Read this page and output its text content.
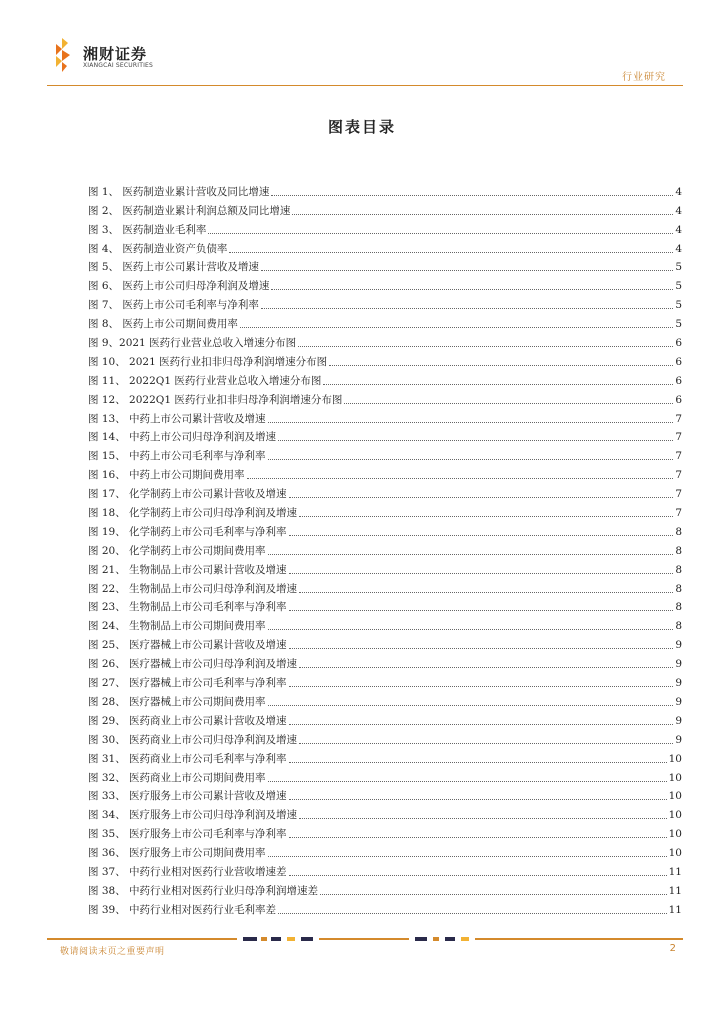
湘财证券
XIANGCAI SECURITIES
行业研究
图表目录
图 1、 医药制造业累计营收及同比增速	4
图 2、 医药制造业累计利润总额及同比增速	4
图 3、 医药制造业毛利率	4
图 4、 医药制造业资产负债率	4
图 5、 医药上市公司累计营收及增速	5
图 6、 医药上市公司归母净利润及增速	5
图 7、 医药上市公司毛利率与净利率	5
图 8、 医药上市公司期间费用率	5
图 9、2021 医药行业营业总收入增速分布图	6
图 10、 2021 医药行业扣非归母净利润增速分布图	6
图 11、 2022Q1 医药行业营业总收入增速分布图	6
图 12、 2022Q1 医药行业扣非归母净利润增速分布图	6
图 13、 中药上市公司累计营收及增速	7
图 14、 中药上市公司归母净利润及增速	7
图 15、 中药上市公司毛利率与净利率	7
图 16、 中药上市公司期间费用率	7
图 17、 化学制药上市公司累计营收及增速	7
图 18、 化学制药上市公司归母净利润及增速	7
图 19、 化学制药上市公司毛利率与净利率	8
图 20、 化学制药上市公司期间费用率	8
图 21、 生物制品上市公司累计营收及增速	8
图 22、 生物制品上市公司归母净利润及增速	8
图 23、 生物制品上市公司毛利率与净利率	8
图 24、 生物制品上市公司期间费用率	8
图 25、 医疗器械上市公司累计营收及增速	9
图 26、 医疗器械上市公司归母净利润及增速	9
图 27、 医疗器械上市公司毛利率与净利率	9
图 28、 医疗器械上市公司期间费用率	9
图 29、 医药商业上市公司累计营收及增速	9
图 30、 医药商业上市公司归母净利润及增速	9
图 31、 医药商业上市公司毛利率与净利率	10
图 32、 医药商业上市公司期间费用率	10
图 33、 医疗服务上市公司累计营收及增速	10
图 34、 医疗服务上市公司归母净利润及增速	10
图 35、 医疗服务上市公司毛利率与净利率	10
图 36、 医疗服务上市公司期间费用率	10
图 37、 中药行业相对医药行业营收增速差	11
图 38、 中药行业相对医药行业归母净利润增速差	11
图 39、 中药行业相对医药行业毛利率差	11
敬请阅读末页之重要声明	2
